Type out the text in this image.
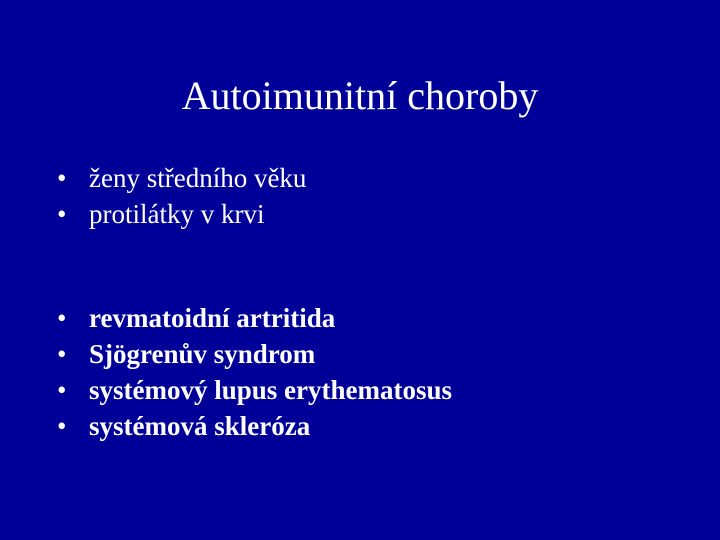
Autoimunitní choroby
• ženy středního věku
• protilátky v krvi
• revmatoidní artritida
• Sjögrenův syndrom
• systémový lupus erythematosus
• systémová skleróza
